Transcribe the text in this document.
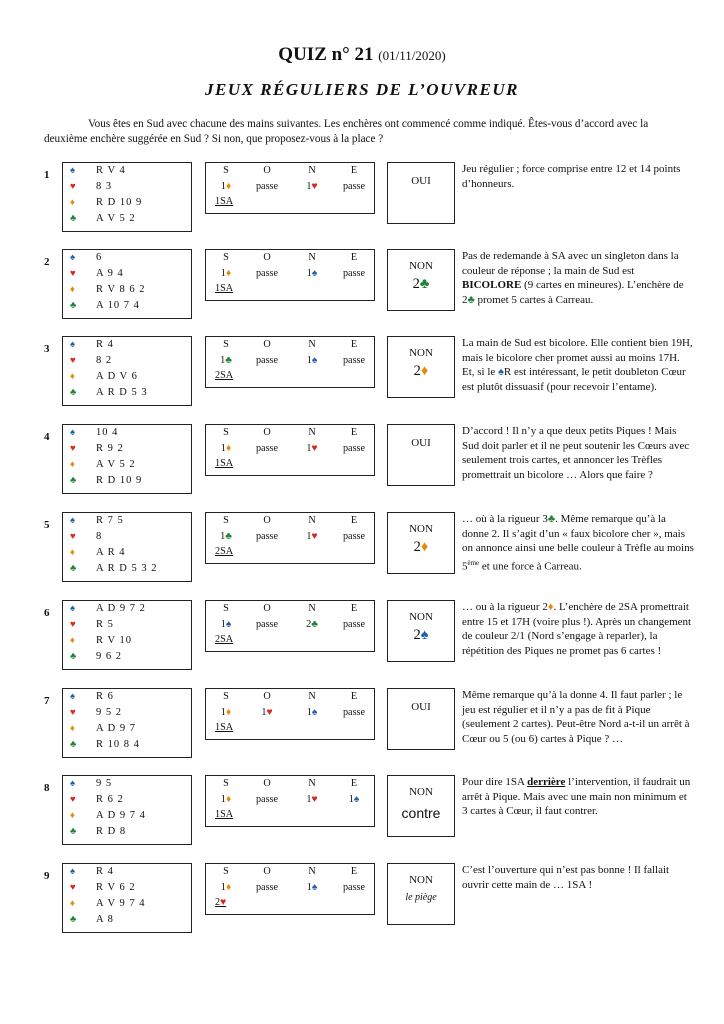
QUIZ n° 21 (01/11/2020)
JEUX RÉGULIERS DE L’OUVREUR
Vous êtes en Sud avec chacune des mains suivantes. Les enchères ont commencé comme indiqué. Êtes-vous d’accord avec la deuxième enchère suggérée en Sud ? Si non, que proposez-vous à la place ?
1 ♠ R V 4
♥ 8 3
♦ R D 10 9
♣ A V 5 2
S	O	N	E
1♦	passe	1♥	passe
1SA
OUI
Jeu régulier ; force comprise entre 12 et 14 points d’honneurs.
2 ♠ 6
♥ A 9 4
♦ R V 8 6 2
♣ A 10 7 4
S	O	N	E
1♦	passe	1♠	passe
1SA
NON
2♣
Pas de redemande à SA avec un singleton dans la couleur de réponse ; la main de Sud est BICOLORE (9 cartes en mineures). L’enchère de 2♣ promet 5 cartes à Carreau.
3 ♠ R 4
♥ 8 2
♦ A D V 6
♣ A R D 5 3
S	O	N	E
1♣	passe	1♠	passe
2SA
NON
2♦
La main de Sud est bicolore. Elle contient bien 19H, mais le bicolore cher promet aussi au moins 17H. Et, si le ♠R est intéressant, le petit doubleton Cœur est plutôt dissuasif (pour recevoir l’entame).
4 ♠ 10 4
♥ R 9 2
♦ A V 5 2
♣ R D 10 9
S	O	N	E
1♦	passe	1♥	passe
1SA
OUI
D’accord ! Il n’y a que deux petits Piques ! Mais Sud doit parler et il ne peut soutenir les Cœurs avec seulement trois cartes, et annoncer les Trèfles promettrait un bicolore … Alors que faire ?
5 ♠ R 7 5
♥ 8
♦ A R 4
♣ A R D 5 3 2
S	O	N	E
1♣	passe	1♥	passe
2SA
NON
2♦
… où à la rigueur 3♣. Même remarque qu’à la donne 2. Il s’agit d’un « faux bicolore cher », mais on annonce ainsi une belle couleur à Trèfle au moins 5ème et une force à Carreau.
6 ♠ A D 9 7 2
♥ R 5
♦ R V 10
♣ 9 6 2
S	O	N	E
1♠	passe	2♣	passe
2SA
NON
2♠
… ou à la rigueur 2♦. L’enchère de 2SA promettrait entre 15 et 17H (voire plus !). Après un changement de couleur 2/1 (Nord s’engage à reparler), la répétition des Piques ne promet pas 6 cartes !
7 ♠ R 6
♥ 9 5 2
♦ A D 9 7
♣ R 10 8 4
S	O	N	E
1♦	1♥	1♠	passe
1SA
OUI
Même remarque qu’à la donne 4. Il faut parler ; le jeu est régulier et il n’y a pas de fit à Pique (seulement 2 cartes). Peut-être Nord a-t-il un arrêt à Cœur ou 5 (ou 6) cartes à Pique ? …
8 ♠ 9 5
♥ R 6 2
♦ A D 9 7 4
♣ R D 8
S	O	N	E
1♦	passe	1♥	1♠
1SA
NON
contre
Pour dire 1SA derrière l’intervention, il faudrait un arrêt à Pique. Mais avec une main non minimum et 3 cartes à Cœur, il faut contrer.
9 ♠ R 4
♥ R V 6 2
♦ A V 9 7 4
♣ A 8
S	O	N	E
1♦	passe	1♠	passe
2♥
NON
le piège
C’est l’ouverture qui n’est pas bonne ! Il fallait ouvrir cette main de … 1SA !
